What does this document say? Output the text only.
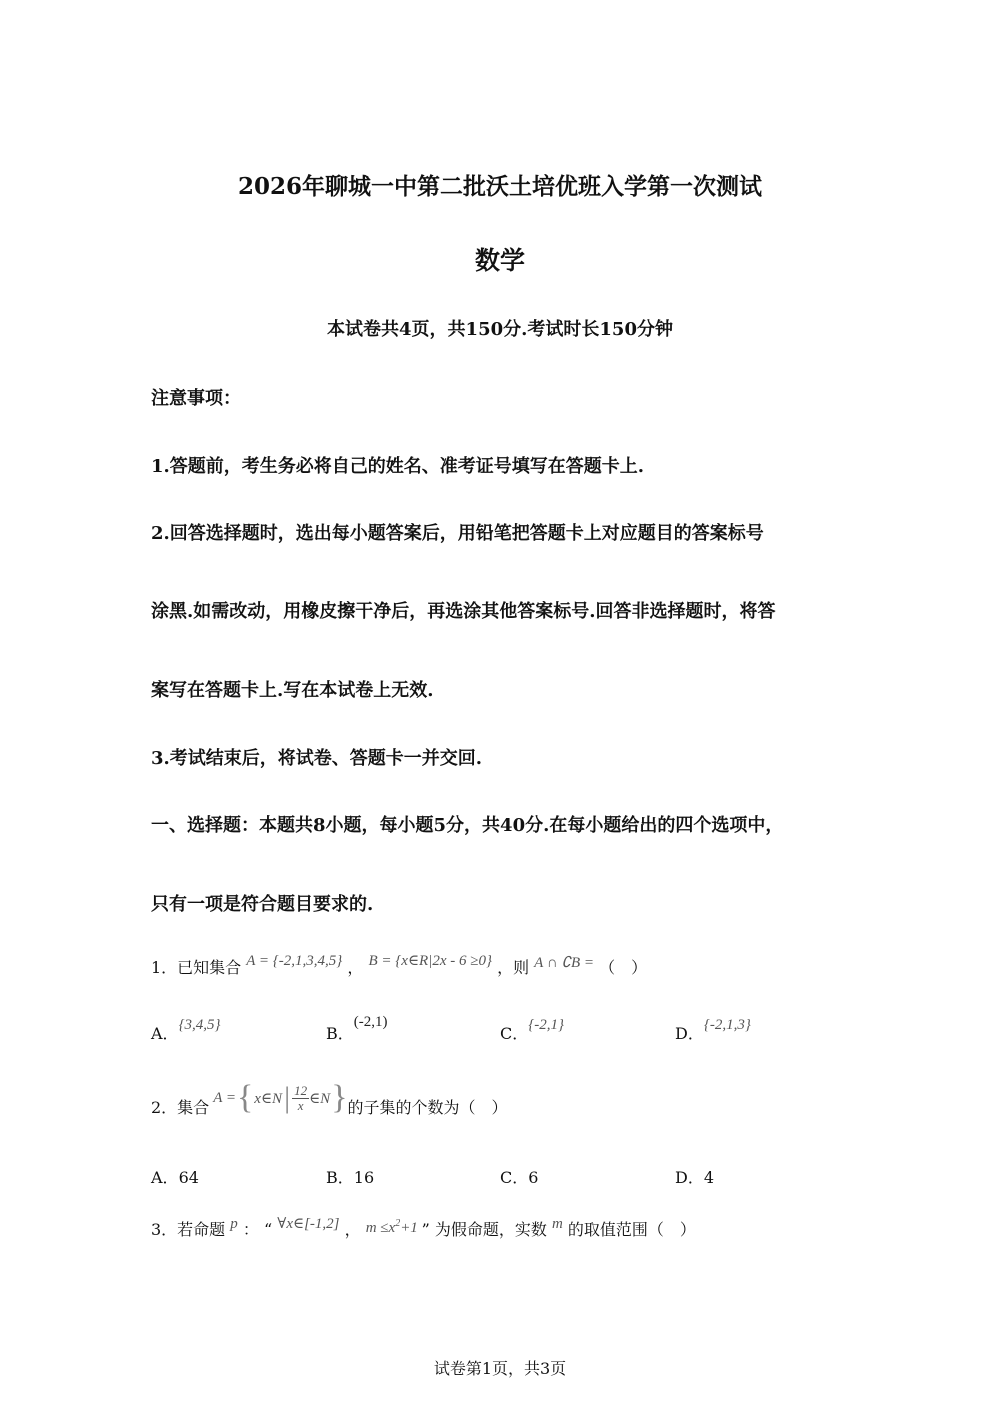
2026年聊城一中第二批沃土培优班入学第一次测试
数学
本试卷共4页，共150分.考试时长150分钟
注意事项：
1.答题前，考生务必将自己的姓名、准考证号填写在答题卡上.
2.回答选择题时，选出每小题答案后，用铅笔把答题卡上对应题目的答案标号
涂黑.如需改动，用橡皮擦干净后，再选涂其他答案标号.回答非选择题时，将答
案写在答题卡上.写在本试卷上无效.
3.考试结束后，将试卷、答题卡一并交回.
一、选择题：本题共8小题，每小题5分，共40分.在每小题给出的四个选项中，
只有一项是符合题目要求的.
1．已知集合 A = {-2,1,3,4,5} ， B = {x∈R|2x - 6 ≥0} ，则 A ∩ ∁B = （　）
A．{3,4,5}	B．(-2,1)
C．{-2,1}	D．{-2,1,3}
2．集合 A = { x∈N | $\frac{12}{x}$ ∈N } 的子集的个数为（　）
A．64	B．16	C．6	D．4
3．若命题 p ： “ ∀x∈[-1,2] ， $m \le x^2+1$ ” 为假命题，实数 m 的取值范围（　）
试卷第1页，共3页
